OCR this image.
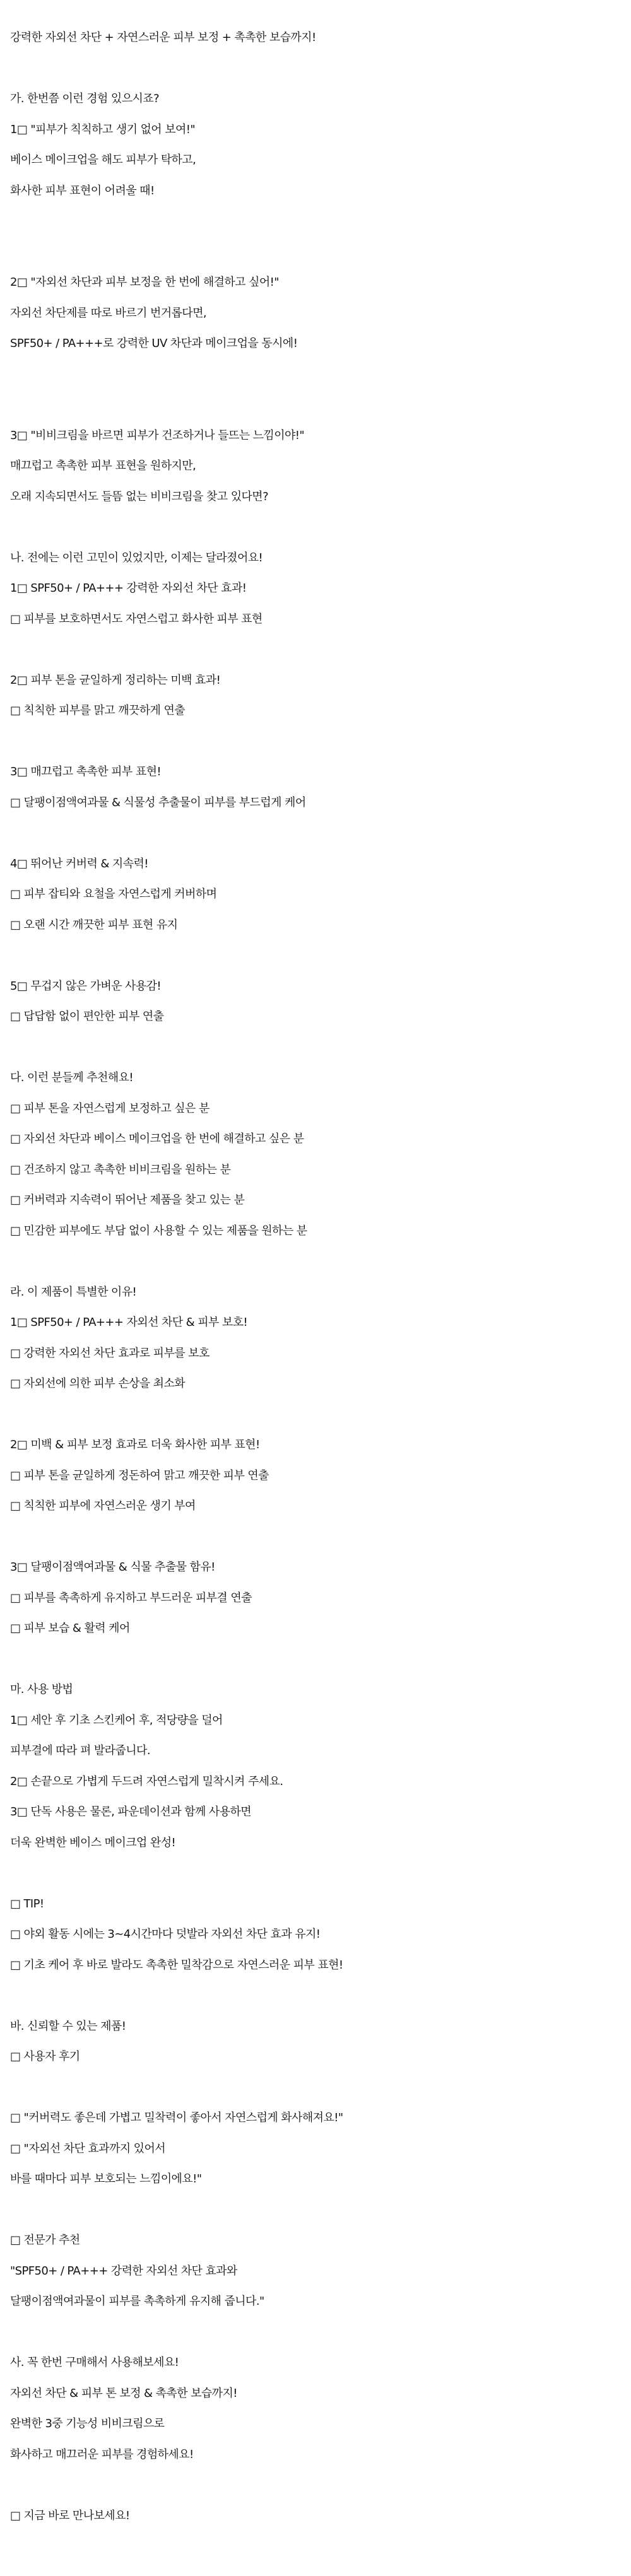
강력한 자외선 차단 + 자연스러운 피부 보정 + 촉촉한 보습까지!
가. 한번쯤 이런 경험 있으시죠?
1□ "피부가 칙칙하고 생기 없어 보여!"
베이스 메이크업을 해도 피부가 탁하고,
화사한 피부 표현이 어려울 때!
2□ "자외선 차단과 피부 보정을 한 번에 해결하고 싶어!"
자외선 차단제를 따로 바르기 번거롭다면,
SPF50+ / PA+++로 강력한 UV 차단과 메이크업을 동시에!
3□ "비비크림을 바르면 피부가 건조하거나 들뜨는 느낌이야!"
매끄럽고 촉촉한 피부 표현을 원하지만,
오래 지속되면서도 들뜸 없는 비비크림을 찾고 있다면?
나. 전에는 이런 고민이 있었지만, 이제는 달라졌어요!
1□ SPF50+ / PA+++ 강력한 자외선 차단 효과!
□ 피부를 보호하면서도 자연스럽고 화사한 피부 표현
2□ 피부 톤을 균일하게 정리하는 미백 효과!
□ 칙칙한 피부를 맑고 깨끗하게 연출
3□ 매끄럽고 촉촉한 피부 표현!
□ 달팽이점액여과물 & 식물성 추출물이 피부를 부드럽게 케어
4□ 뛰어난 커버력 & 지속력!
□ 피부 잡티와 요철을 자연스럽게 커버하며
□ 오랜 시간 깨끗한 피부 표현 유지
5□ 무겁지 않은 가벼운 사용감!
□ 답답함 없이 편안한 피부 연출
다. 이런 분들께 추천해요!
□ 피부 톤을 자연스럽게 보정하고 싶은 분
□ 자외선 차단과 베이스 메이크업을 한 번에 해결하고 싶은 분
□ 건조하지 않고 촉촉한 비비크림을 원하는 분
□ 커버력과 지속력이 뛰어난 제품을 찾고 있는 분
□ 민감한 피부에도 부담 없이 사용할 수 있는 제품을 원하는 분
라. 이 제품이 특별한 이유!
1□ SPF50+ / PA+++ 자외선 차단 & 피부 보호!
□ 강력한 자외선 차단 효과로 피부를 보호
□ 자외선에 의한 피부 손상을 최소화
2□ 미백 & 피부 보정 효과로 더욱 화사한 피부 표현!
□ 피부 톤을 균일하게 정돈하여 맑고 깨끗한 피부 연출
□ 칙칙한 피부에 자연스러운 생기 부여
3□ 달팽이점액여과물 & 식물 추출물 함유!
□ 피부를 촉촉하게 유지하고 부드러운 피부결 연출
□ 피부 보습 & 활력 케어
마. 사용 방법
1□ 세안 후 기초 스킨케어 후, 적당량을 덜어
피부결에 따라 펴 발라줍니다.
2□ 손끝으로 가볍게 두드려 자연스럽게 밀착시켜 주세요.
3□ 단독 사용은 물론, 파운데이션과 함께 사용하면
더욱 완벽한 베이스 메이크업 완성!
□ TIP!
□ 야외 활동 시에는 3~4시간마다 덧발라 자외선 차단 효과 유지!
□ 기초 케어 후 바로 발라도 촉촉한 밀착감으로 자연스러운 피부 표현!
바. 신뢰할 수 있는 제품!
□ 사용자 후기
□ "커버력도 좋은데 가볍고 밀착력이 좋아서 자연스럽게 화사해져요!"
□ "자외선 차단 효과까지 있어서
바를 때마다 피부 보호되는 느낌이에요!"
□ 전문가 추천
"SPF50+ / PA+++ 강력한 자외선 차단 효과와
달팽이점액여과물이 피부를 촉촉하게 유지해 줍니다."
사. 꼭 한번 구매해서 사용해보세요!
자외선 차단 & 피부 톤 보정 & 촉촉한 보습까지!
완벽한 3중 기능성 비비크림으로
화사하고 매끄러운 피부를 경험하세요!
□ 지금 바로 만나보세요!
